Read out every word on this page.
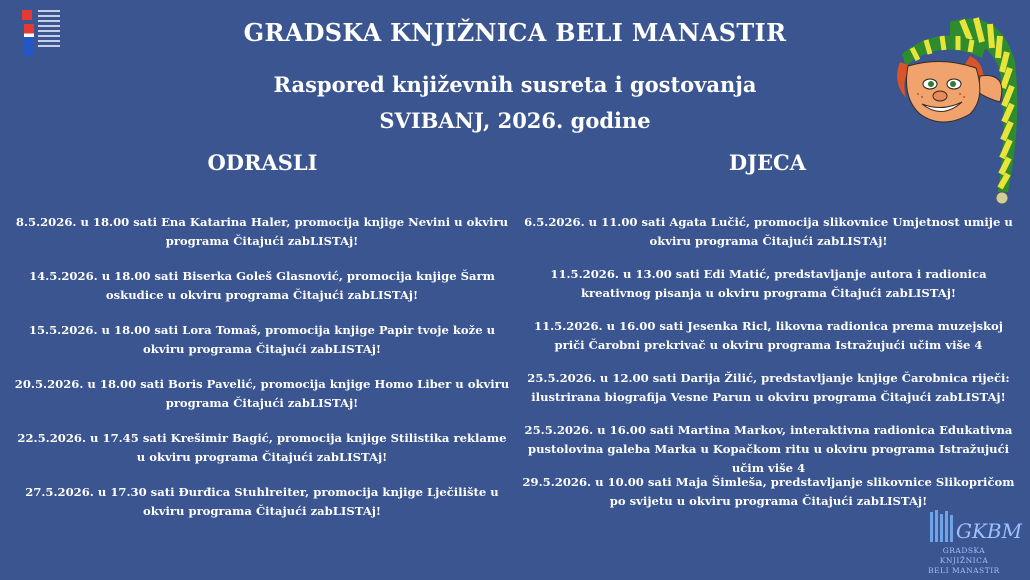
GRADSKA KNJIŽNICA BELI MANASTIR
Raspored književnih susreta i gostovanja
SVIBANJ, 2026. godine
ODRASLI	DJECA
8.5.2026. u 18.00 sati Ena Katarina Haler, promocija knjige Nevini u okviru programa Čitajući zabLISTAj!
14.5.2026. u 18.00 sati Biserka Goleš Glasnović, promocija knjige Šarm oskudice u okviru programa Čitajući zabLISTAj!
15.5.2026. u 18.00 sati Lora Tomaš, promocija knjige Papir tvoje kože u okviru programa Čitajući zabLISTAj!
20.5.2026. u 18.00 sati Boris Pavelić, promocija knjige Homo Liber u okviru programa Čitajući zabLISTAj!
22.5.2026. u 17.45 sati Krešimir Bagić, promocija knjige Stilistika reklame u okviru programa Čitajući zabLISTAj!
27.5.2026. u 17.30 sati Đurđica Stuhlreiter, promocija knjige Lječilište u okviru programa Čitajući zabLISTAj!
6.5.2026. u 11.00 sati Agata Lučić, promocija slikovnice Umjetnost umije u okviru programa Čitajući zabLISTAj!
11.5.2026. u 13.00 sati Edi Matić, predstavljanje autora i radionica kreativnog pisanja u okviru programa Čitajući zabLISTAj!
11.5.2026. u 16.00 sati Jesenka Ricl, likovna radionica prema muzejskoj priči Čarobni prekrivač u okviru programa Istražujući učim više 4
25.5.2026. u 12.00 sati Darija Žilić, predstavljanje knjige Čarobnica riječi: ilustrirana biografija Vesne Parun u okviru programa Čitajući zabLISTAj!
25.5.2026. u 16.00 sati Martina Markov, interaktivna radionica Edukativna pustolovina galeba Marka u Kopačkom ritu u okviru programa Istražujući učim više 4
29.5.2026. u 10.00 sati Maja Šimleša, predstavljanje slikovnice Slikopričom po svijetu u okviru programa Čitajući zabLISTAj!
GKBM
GRADSKA KNJIŽNICA
BELI MANASTIR
